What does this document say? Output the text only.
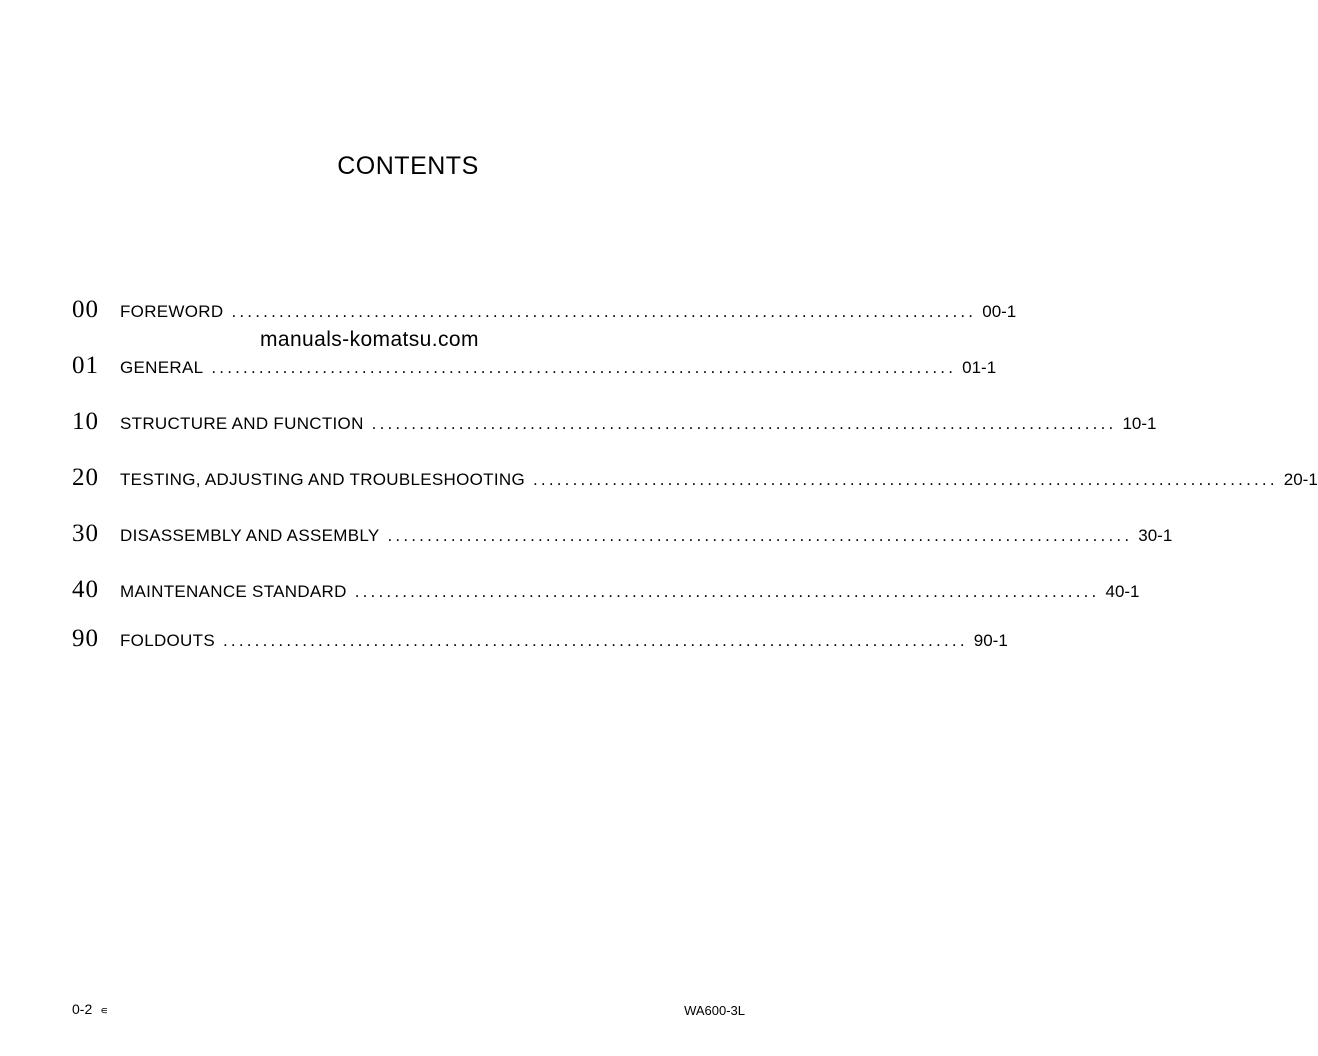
CONTENTS
manuals-komatsu.com
00	FOREWORD .............................................................................................. 00-1
01	GENERAL .............................................................................................. 01-1
10	STRUCTURE AND FUNCTION .............................................................................................. 10-1
20	TESTING, ADJUSTING AND TROUBLESHOOTING .............................................................................................. 20-1
30	DISASSEMBLY AND ASSEMBLY .............................................................................................. 30-1
40	MAINTENANCE STANDARD .............................................................................................. 40-1
90	FOLDOUTS .............................................................................................. 90-1
0-2 ∊	WA600-3L
